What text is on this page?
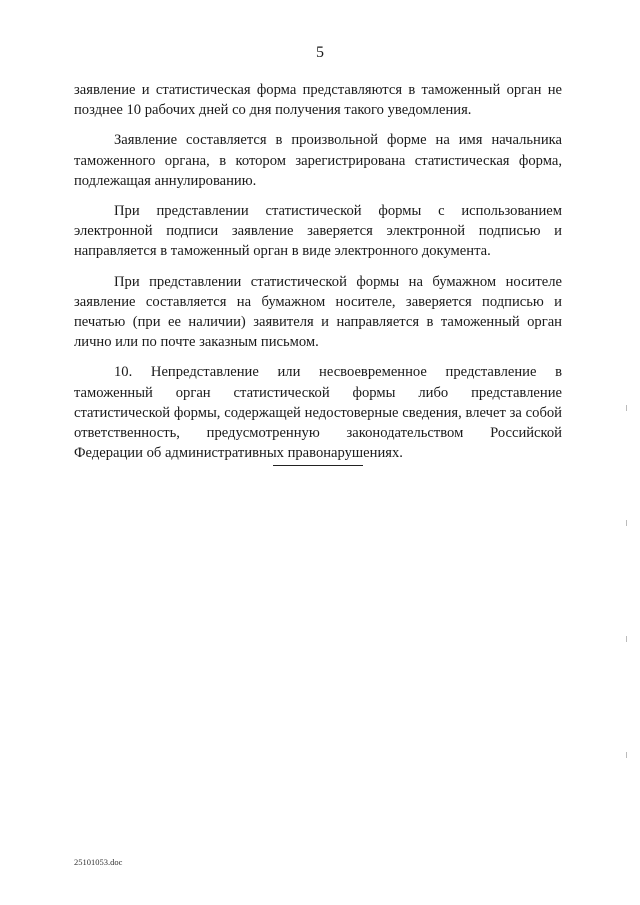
5

заявление и статистическая форма представляются в таможенный орган не позднее 10 рабочих дней со дня получения такого уведомления.

Заявление составляется в произвольной форме на имя начальника таможенного органа, в котором зарегистрирована статистическая форма, подлежащая аннулированию.

При представлении статистической формы с использованием электронной подписи заявление заверяется электронной подписью и направляется в таможенный орган в виде электронного документа.

При представлении статистической формы на бумажном носителе заявление составляется на бумажном носителе, заверяется подписью и печатью (при ее наличии) заявителя и направляется в таможенный орган лично или по почте заказным письмом.

10. Непредставление или несвоевременное представление в таможенный орган статистической формы либо представление статистической формы, содержащей недостоверные сведения, влечет за собой ответственность, предусмотренную законодательством Российской Федерации об административных правонарушениях.

25101053.doc
